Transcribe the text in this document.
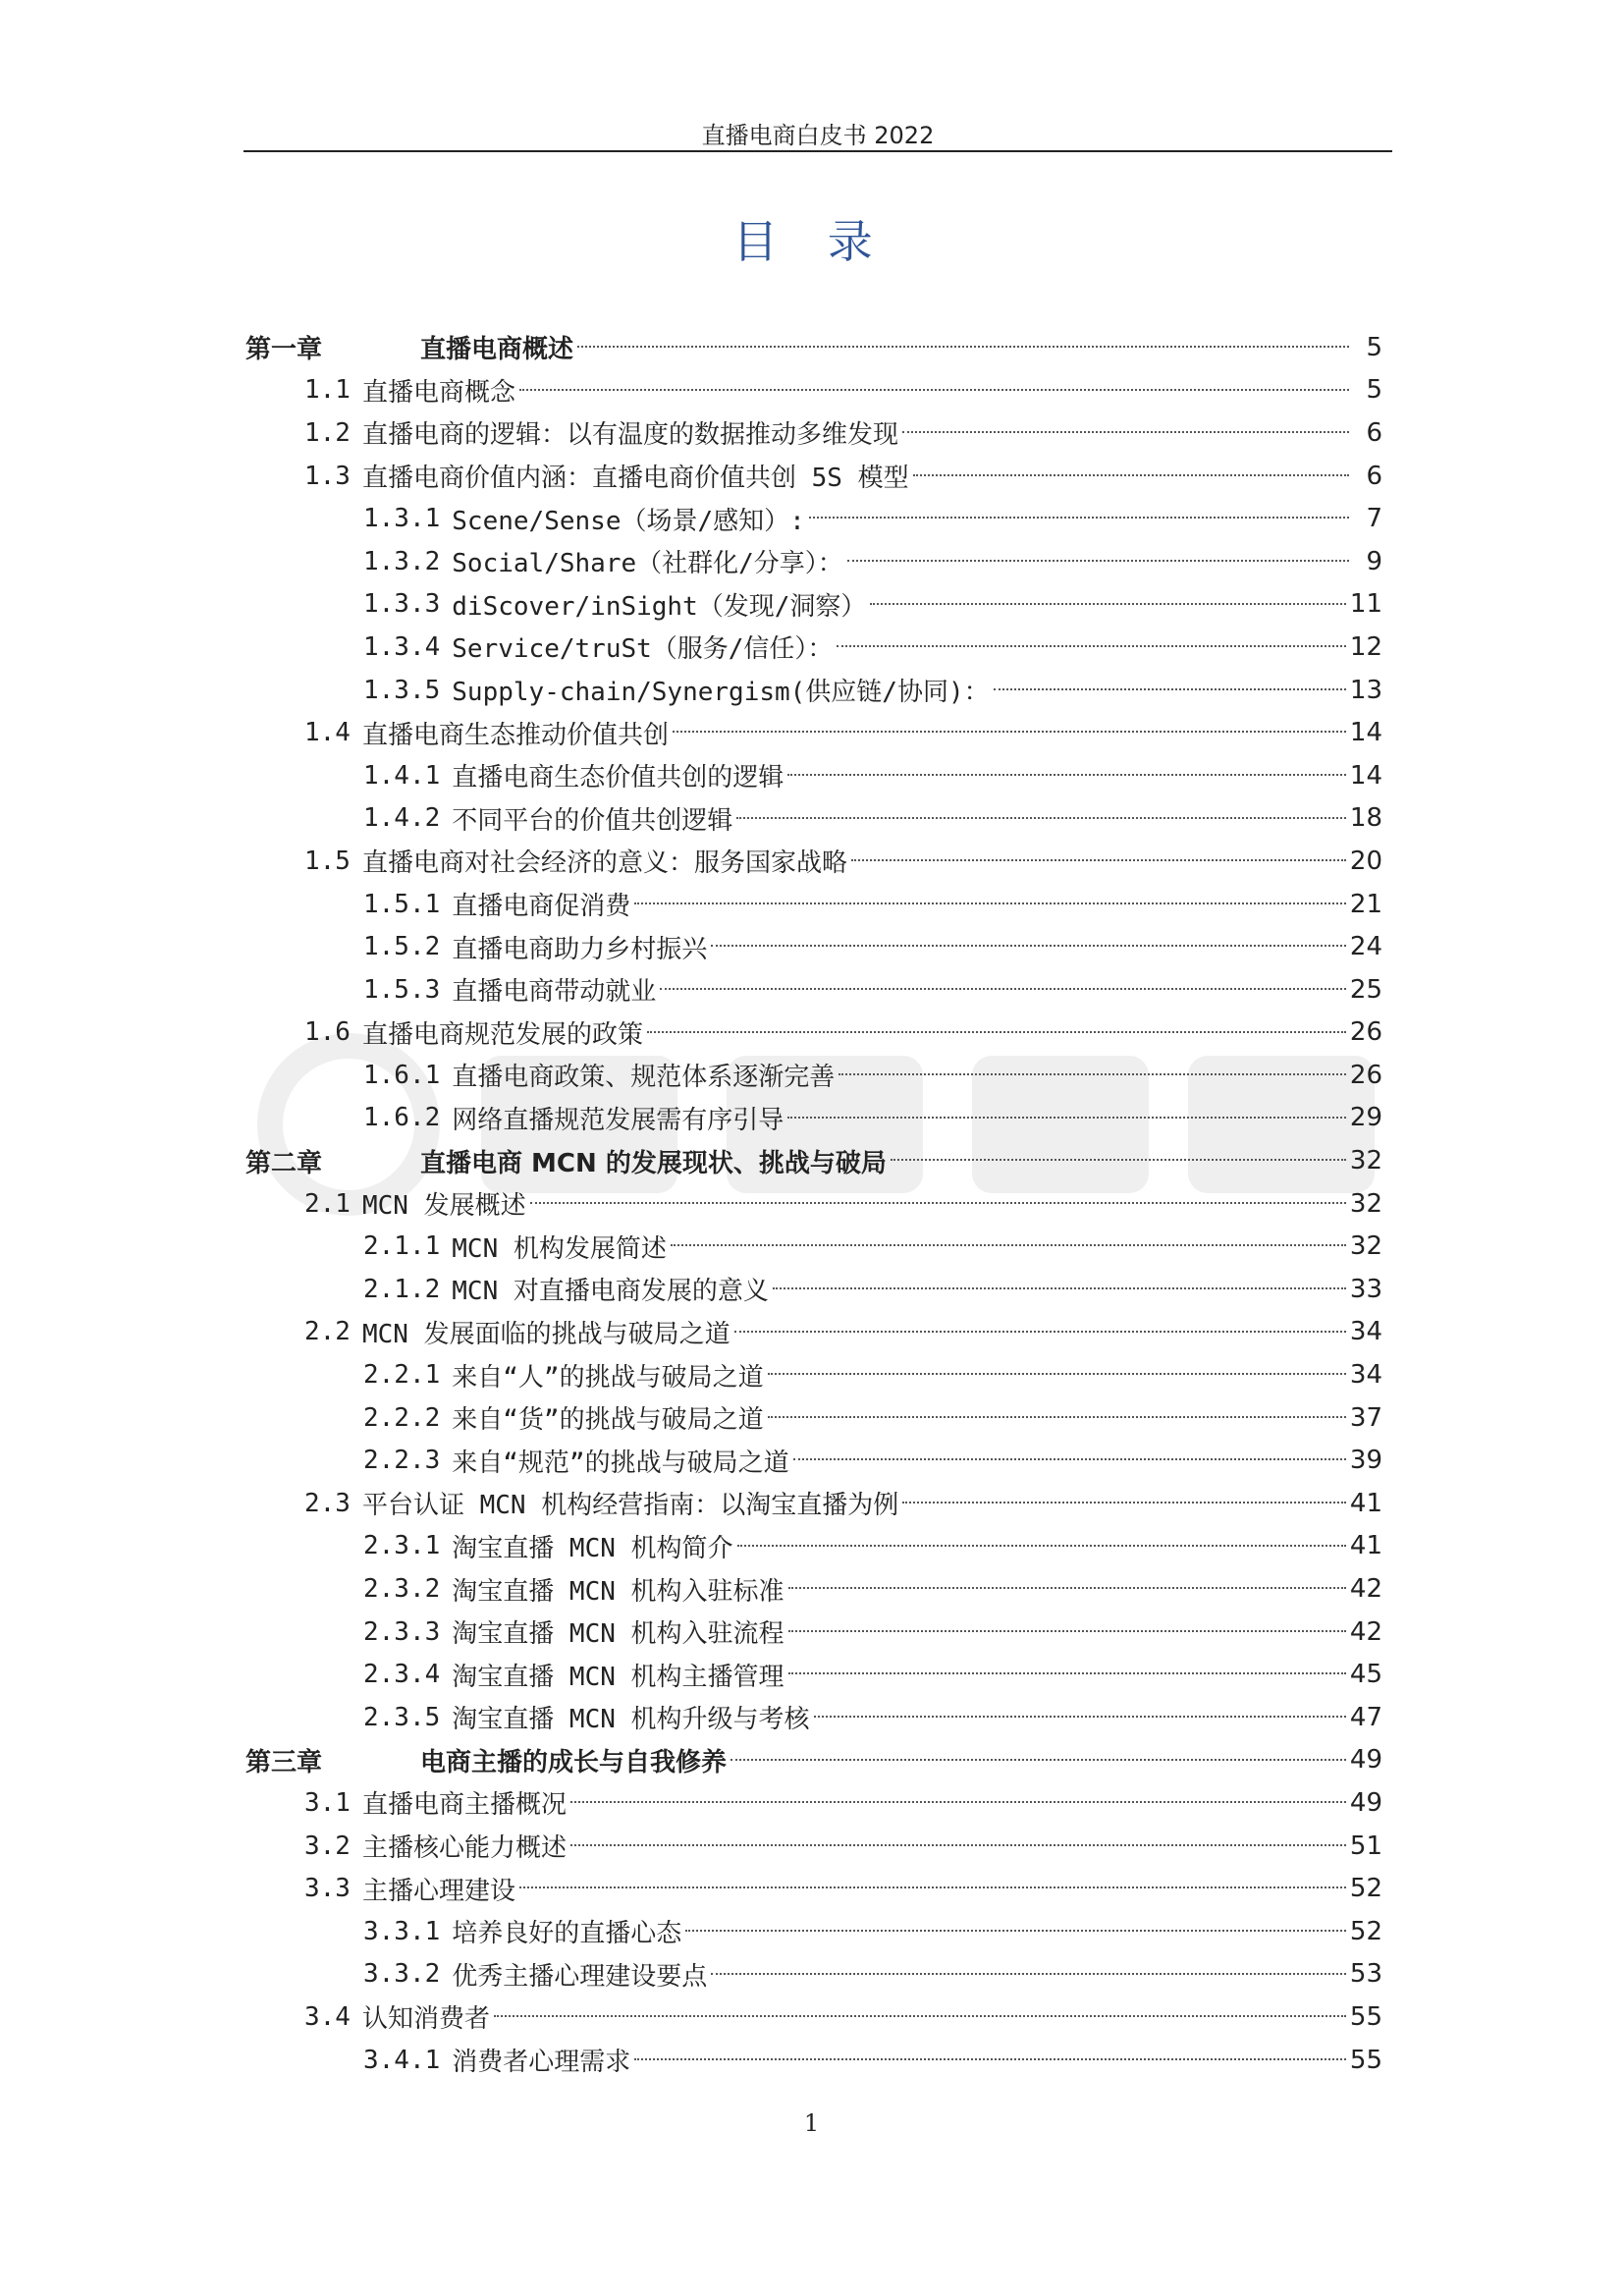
直播电商白皮书 2022
目 录
第一章	直播电商概述	5
1.1 直播电商概念	5
1.2 直播电商的逻辑：以有温度的数据推动多维发现	6
1.3 直播电商价值内涵：直播电商价值共创 5S 模型	6
1.3.1 Scene/Sense（场景/感知）:	7
1.3.2 Social/Share（社群化/分享）：	9
1.3.3 diScover/inSight（发现/洞察）	11
1.3.4 Service/truSt（服务/信任）：	12
1.3.5 Supply-chain/Synergism(供应链/协同)：	13
1.4 直播电商生态推动价值共创	14
1.4.1 直播电商生态价值共创的逻辑	14
1.4.2 不同平台的价值共创逻辑	18
1.5 直播电商对社会经济的意义：服务国家战略	20
1.5.1 直播电商促消费	21
1.5.2 直播电商助力乡村振兴	24
1.5.3 直播电商带动就业	25
1.6 直播电商规范发展的政策	26
1.6.1 直播电商政策、规范体系逐渐完善	26
1.6.2 网络直播规范发展需有序引导	29
第二章	直播电商 MCN 的发展现状、挑战与破局	32
2.1 MCN 发展概述	32
2.1.1 MCN 机构发展简述	32
2.1.2 MCN 对直播电商发展的意义	33
2.2 MCN 发展面临的挑战与破局之道	34
2.2.1 来自“人”的挑战与破局之道	34
2.2.2 来自“货”的挑战与破局之道	37
2.2.3 来自“规范”的挑战与破局之道	39
2.3 平台认证 MCN 机构经营指南：以淘宝直播为例	41
2.3.1 淘宝直播 MCN 机构简介	41
2.3.2 淘宝直播 MCN 机构入驻标准	42
2.3.3 淘宝直播 MCN 机构入驻流程	42
2.3.4 淘宝直播 MCN 机构主播管理	45
2.3.5 淘宝直播 MCN 机构升级与考核	47
第三章	电商主播的成长与自我修养	49
3.1 直播电商主播概况	49
3.2 主播核心能力概述	51
3.3 主播心理建设	52
3.3.1 培养良好的直播心态	52
3.3.2 优秀主播心理建设要点	53
3.4 认知消费者	55
3.4.1 消费者心理需求	55
1
